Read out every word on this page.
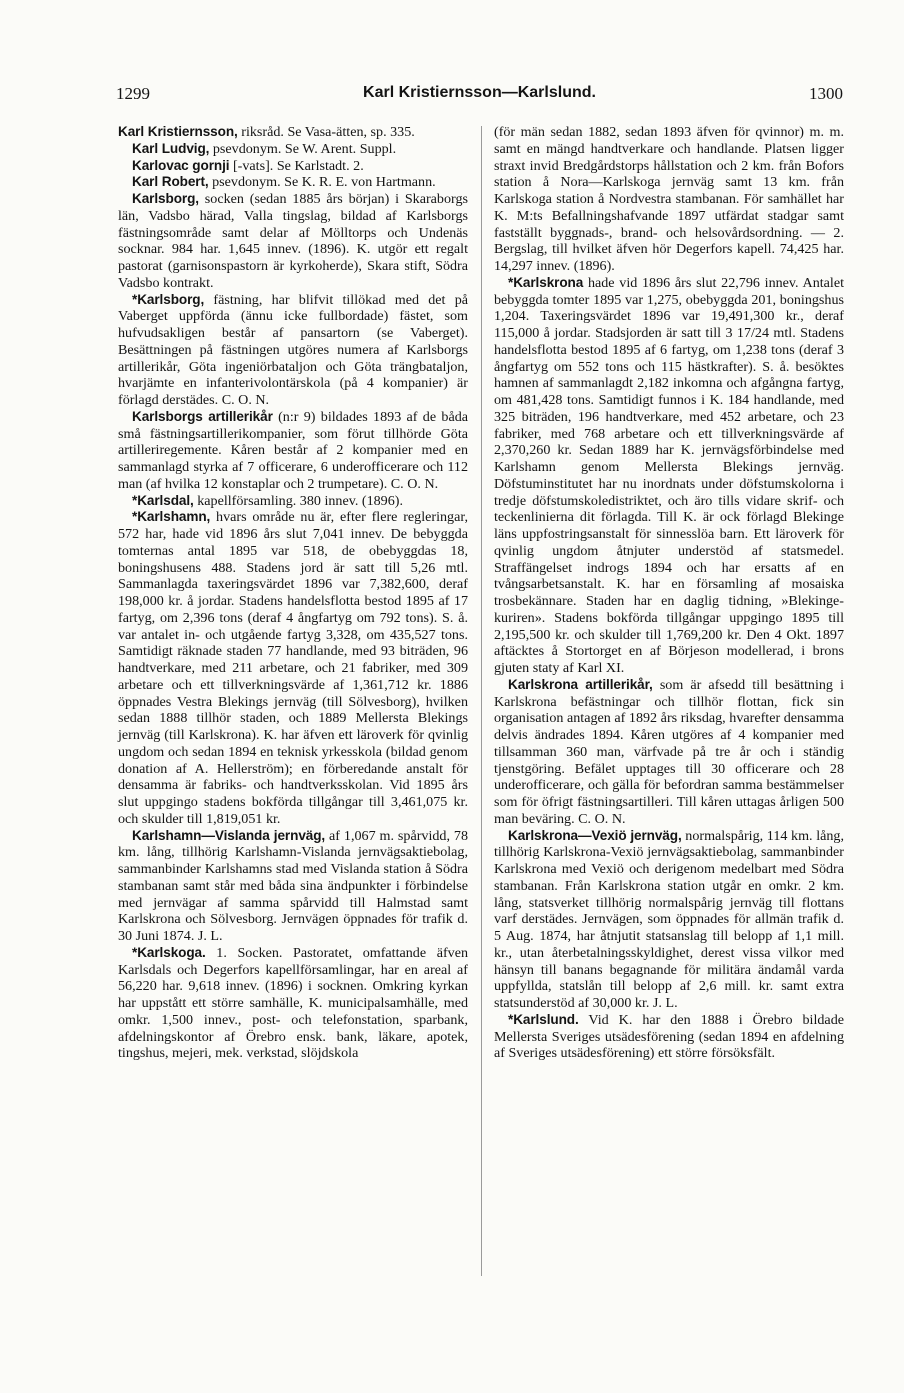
1299	Karl Kristiernsson—Karlslund.	1300

Karl Kristiernsson, riksråd. Se Vasa-ätten, sp. 335.

Karl Ludvig, psevdonym. Se W. Arent. Suppl.

Karlovac gornji [-vats]. Se Karlstadt. 2.

Karl Robert, psevdonym. Se K. R. E. von Hartmann.

Karlsborg, socken (sedan 1885 års början) i Skaraborgs län, Vadsbo härad, Valla tingslag, bildad af Karlsborgs fästningsområde samt delar af Mölltorps och Undenäs socknar. 984 har. 1,645 innev. (1896). K. utgör ett regalt pastorat (garnisonspastorn är kyrkoherde), Skara stift, Södra Vadsbo kontrakt.

*Karlsborg, fästning, har blifvit tillökad med det på Vaberget uppförda (ännu icke fullbordade) fästet, som hufvudsakligen består af pansartorn (se Vaberget). Besättningen på fästningen utgöres numera af Karlsborgs artillerikår, Göta ingeniörbataljon och Göta trängbataljon, hvarjämte en infanterivolontärskola (på 4 kompanier) är förlagd derstädes. C. O. N.

Karlsborgs artillerikår (n:r 9) bildades 1893 af de båda små fästningsartillerikompanier, som förut tillhörde Göta artilleriregemente. Kåren består af 2 kompanier med en sammanlagd styrka af 7 officerare, 6 underofficerare och 112 man (af hvilka 12 konstaplar och 2 trumpetare). C. O. N.

*Karlsdal, kapellförsamling. 380 innev. (1896).

*Karlshamn, hvars område nu är, efter flere regleringar, 572 har, hade vid 1896 års slut 7,041 innev. De bebyggda tomternas antal 1895 var 518, de obebyggdas 18, boningshusens 488. Stadens jord är satt till 5,26 mtl. Sammanlagda taxeringsvärdet 1896 var 7,382,600, deraf 198,000 kr. å jordar. Stadens handelsflotta bestod 1895 af 17 fartyg, om 2,396 tons (deraf 4 ångfartyg om 792 tons). S. å. var antalet in- och utgående fartyg 3,328, om 435,527 tons. Samtidigt räknade staden 77 handlande, med 93 biträden, 96 handtverkare, med 211 arbetare, och 21 fabriker, med 309 arbetare och ett tillverkningsvärde af 1,361,712 kr. 1886 öppnades Vestra Blekings jernväg (till Sölvesborg), hvilken sedan 1888 tillhör staden, och 1889 Mellersta Blekings jernväg (till Karlskrona). K. har äfven ett läroverk för qvinlig ungdom och sedan 1894 en teknisk yrkesskola (bildad genom donation af A. Hellerström); en förberedande anstalt för densamma är fabriks- och handtverksskolan. Vid 1895 års slut uppgingo stadens bokförda tillgångar till 3,461,075 kr. och skulder till 1,819,051 kr.

Karlshamn—Vislanda jernväg, af 1,067 m. spårvidd, 78 km. lång, tillhörig Karlshamn-Vislanda jernvägsaktiebolag, sammanbinder Karlshamns stad med Vislanda station å Södra stambanan samt står med båda sina ändpunkter i förbindelse med jernvägar af samma spårvidd till Halmstad samt Karlskrona och Sölvesborg. Jernvägen öppnades för trafik d. 30 Juni 1874. J. L.

*Karlskoga. 1. Socken. Pastoratet, omfattande äfven Karlsdals och Degerfors kapellförsamlingar, har en areal af 56,220 har. 9,618 innev. (1896) i socknen. Omkring kyrkan har uppstått ett större samhälle, K. municipalsamhälle, med omkr. 1,500 innev., post- och telefonstation, sparbank, afdelningskontor af Örebro ensk. bank, läkare, apotek, tingshus, mejeri, mek. verkstad, slöjdskola

(för män sedan 1882, sedan 1893 äfven för qvinnor) m. m. samt en mängd handtverkare och handlande. Platsen ligger straxt invid Bredgårdstorps hållstation och 2 km. från Bofors station å Nora—Karlskoga jernväg samt 13 km. från Karlskoga station å Nordvestra stambanan. För samhället har K. M:ts Befallningshafvande 1897 utfärdat stadgar samt fastställt byggnads-, brand- och helsovårdsordning. — 2. Bergslag, till hvilket äfven hör Degerfors kapell. 74,425 har. 14,297 innev. (1896).

*Karlskrona hade vid 1896 års slut 22,796 innev. Antalet bebyggda tomter 1895 var 1,275, obebyggda 201, boningshus 1,204. Taxeringsvärdet 1896 var 19,491,300 kr., deraf 115,000 å jordar. Stadsjorden är satt till 3 17/24 mtl. Stadens handelsflotta bestod 1895 af 6 fartyg, om 1,238 tons (deraf 3 ångfartyg om 552 tons och 115 hästkrafter). S. å. besöktes hamnen af sammanlagdt 2,182 inkomna och afgångna fartyg, om 481,428 tons. Samtidigt funnos i K. 184 handlande, med 325 biträden, 196 handtverkare, med 452 arbetare, och 23 fabriker, med 768 arbetare och ett tillverkningsvärde af 2,370,260 kr. Sedan 1889 har K. jernvägsförbindelse med Karlshamn genom Mellersta Blekings jernväg. Döfstuminstitutet har nu inordnats under döfstumskolorna i tredje döfstumskoledistriktet, och äro tills vidare skrif- och teckenlinierna dit förlagda. Till K. är ock förlagd Blekinge läns uppfostringsanstalt för sinnesslöa barn. Ett läroverk för qvinlig ungdom åtnjuter understöd af statsmedel. Straffängelset indrogs 1894 och har ersatts af en tvångsarbetsanstalt. K. har en församling af mosaiska trosbekännare. Staden har en daglig tidning, »Blekinge-kuriren». Stadens bokförda tillgångar uppgingo 1895 till 2,195,500 kr. och skulder till 1,769,200 kr. Den 4 Okt. 1897 aftäcktes å Stortorget en af Börjeson modellerad, i brons gjuten staty af Karl XI.

Karlskrona artillerikår, som är afsedd till besättning i Karlskrona befästningar och tillhör flottan, fick sin organisation antagen af 1892 års riksdag, hvarefter densamma delvis ändrades 1894. Kåren utgöres af 4 kompanier med tillsamman 360 man, värfvade på tre år och i ständig tjenstgöring. Befälet upptages till 30 officerare och 28 underofficerare, och gälla för befordran samma bestämmelser som för öfrigt fästningsartilleri. Till kåren uttagas årligen 500 man beväring. C. O. N.

Karlskrona—Vexiö jernväg, normalspårig, 114 km. lång, tillhörig Karlskrona-Vexiö jernvägsaktiebolag, sammanbinder Karlskrona med Vexiö och derigenom medelbart med Södra stambanan. Från Karlskrona station utgår en omkr. 2 km. lång, statsverket tillhörig normalspårig jernväg till flottans varf derstädes. Jernvägen, som öppnades för allmän trafik d. 5 Aug. 1874, har åtnjutit statsanslag till belopp af 1,1 mill. kr., utan återbetalningsskyldighet, derest vissa vilkor med hänsyn till banans begagnande för militära ändamål varda uppfyllda, statslån till belopp af 2,6 mill. kr. samt extra statsunderstöd af 30,000 kr. J. L.

*Karlslund. Vid K. har den 1888 i Örebro bildade Mellersta Sveriges utsädesförening (sedan 1894 en afdelning af Sveriges utsädesförening) ett större försöksfält.
